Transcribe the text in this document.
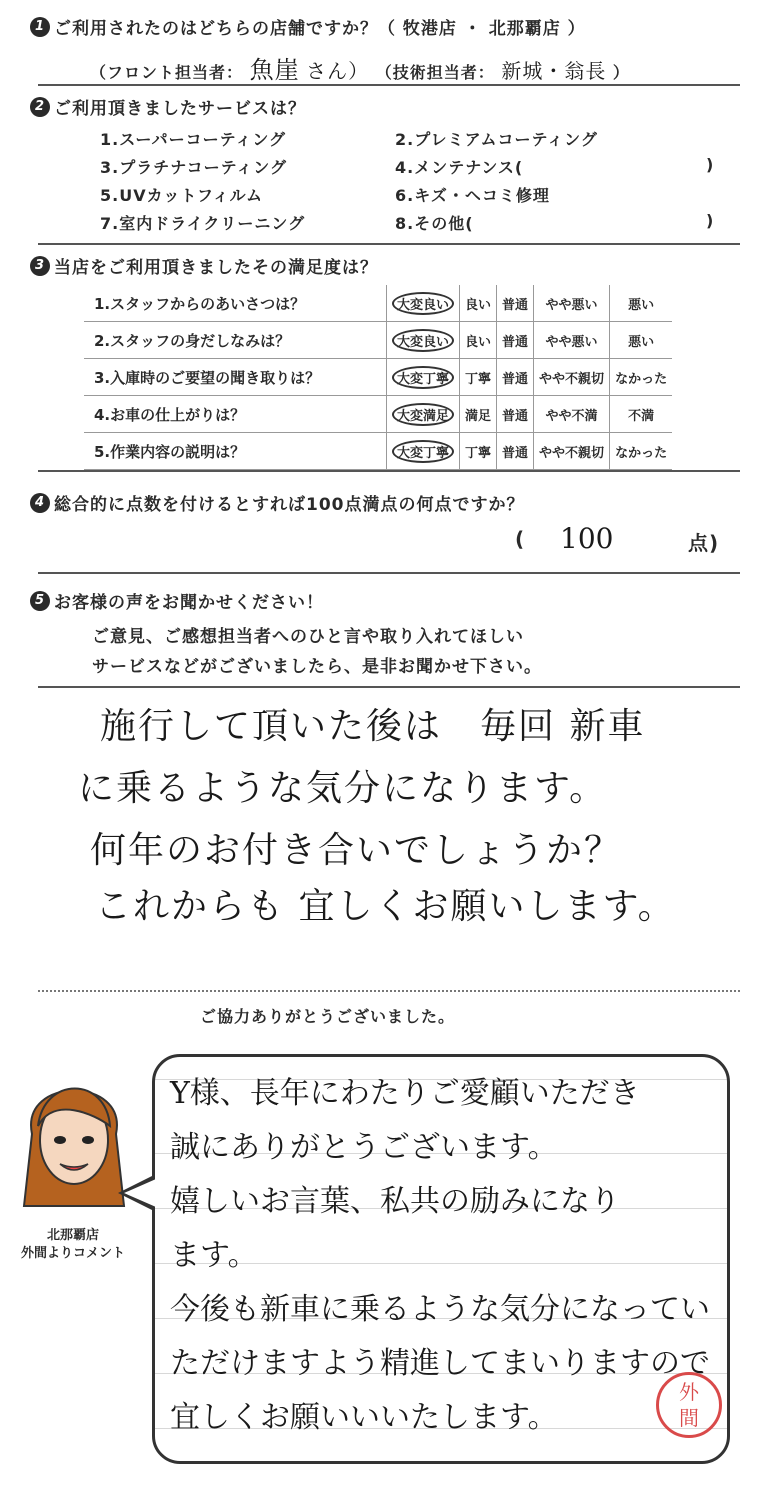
1 ご利用されたのはどちらの店舗ですか？（ 牧港店 ・ 北那覇店 ）
（フロント担当者： 魚崖 さん） （技術担当者： 新城・翁長 ）
2 ご利用頂きましたサービスは？
1.スーパーコーティング	2.プレミアムコーティング
3.プラチナコーティング	4.メンテナンス(	)
5.UVカットフィルム	6.キズ・ヘコミ修理
7.室内ドライクリーニング	8.その他(	)
3 当店をご利用頂きましたその満足度は？
1.スタッフからのあいさつは？	大変良い	良い	普通	やや悪い	悪い
2.スタッフの身だしなみは？	大変良い	良い	普通	やや悪い	悪い
3.入庫時のご要望の聞き取りは？	大変丁寧	丁寧	普通	やや不親切	なかった
4.お車の仕上がりは？	大変満足	満足	普通	やや不満	不満
5.作業内容の説明は？	大変丁寧	丁寧	普通	やや不親切	なかった
4 総合的に点数を付けるとすれば100点満点の何点ですか？
( 100	点)
5 お客様の声をお聞かせください！
ご意見、ご感想担当者へのひと言や取り入れてほしい
サービスなどがございましたら、是非お聞かせ下さい。
施行して頂いた後は　毎回 新車
に乗るような気分になります。
何年のお付き合いでしょうか？
これからも 宜しくお願いします。
ご協力ありがとうございました。
北那覇店
外間よりコメント
Y様、長年にわたりご愛顧いただき
誠にありがとうございます。
嬉しいお言葉、私共の励みになり
ます。
今後も新車に乗るような気分になってい
ただけますよう精進してまいりますので
宜しくお願いいいたします。
外
間
